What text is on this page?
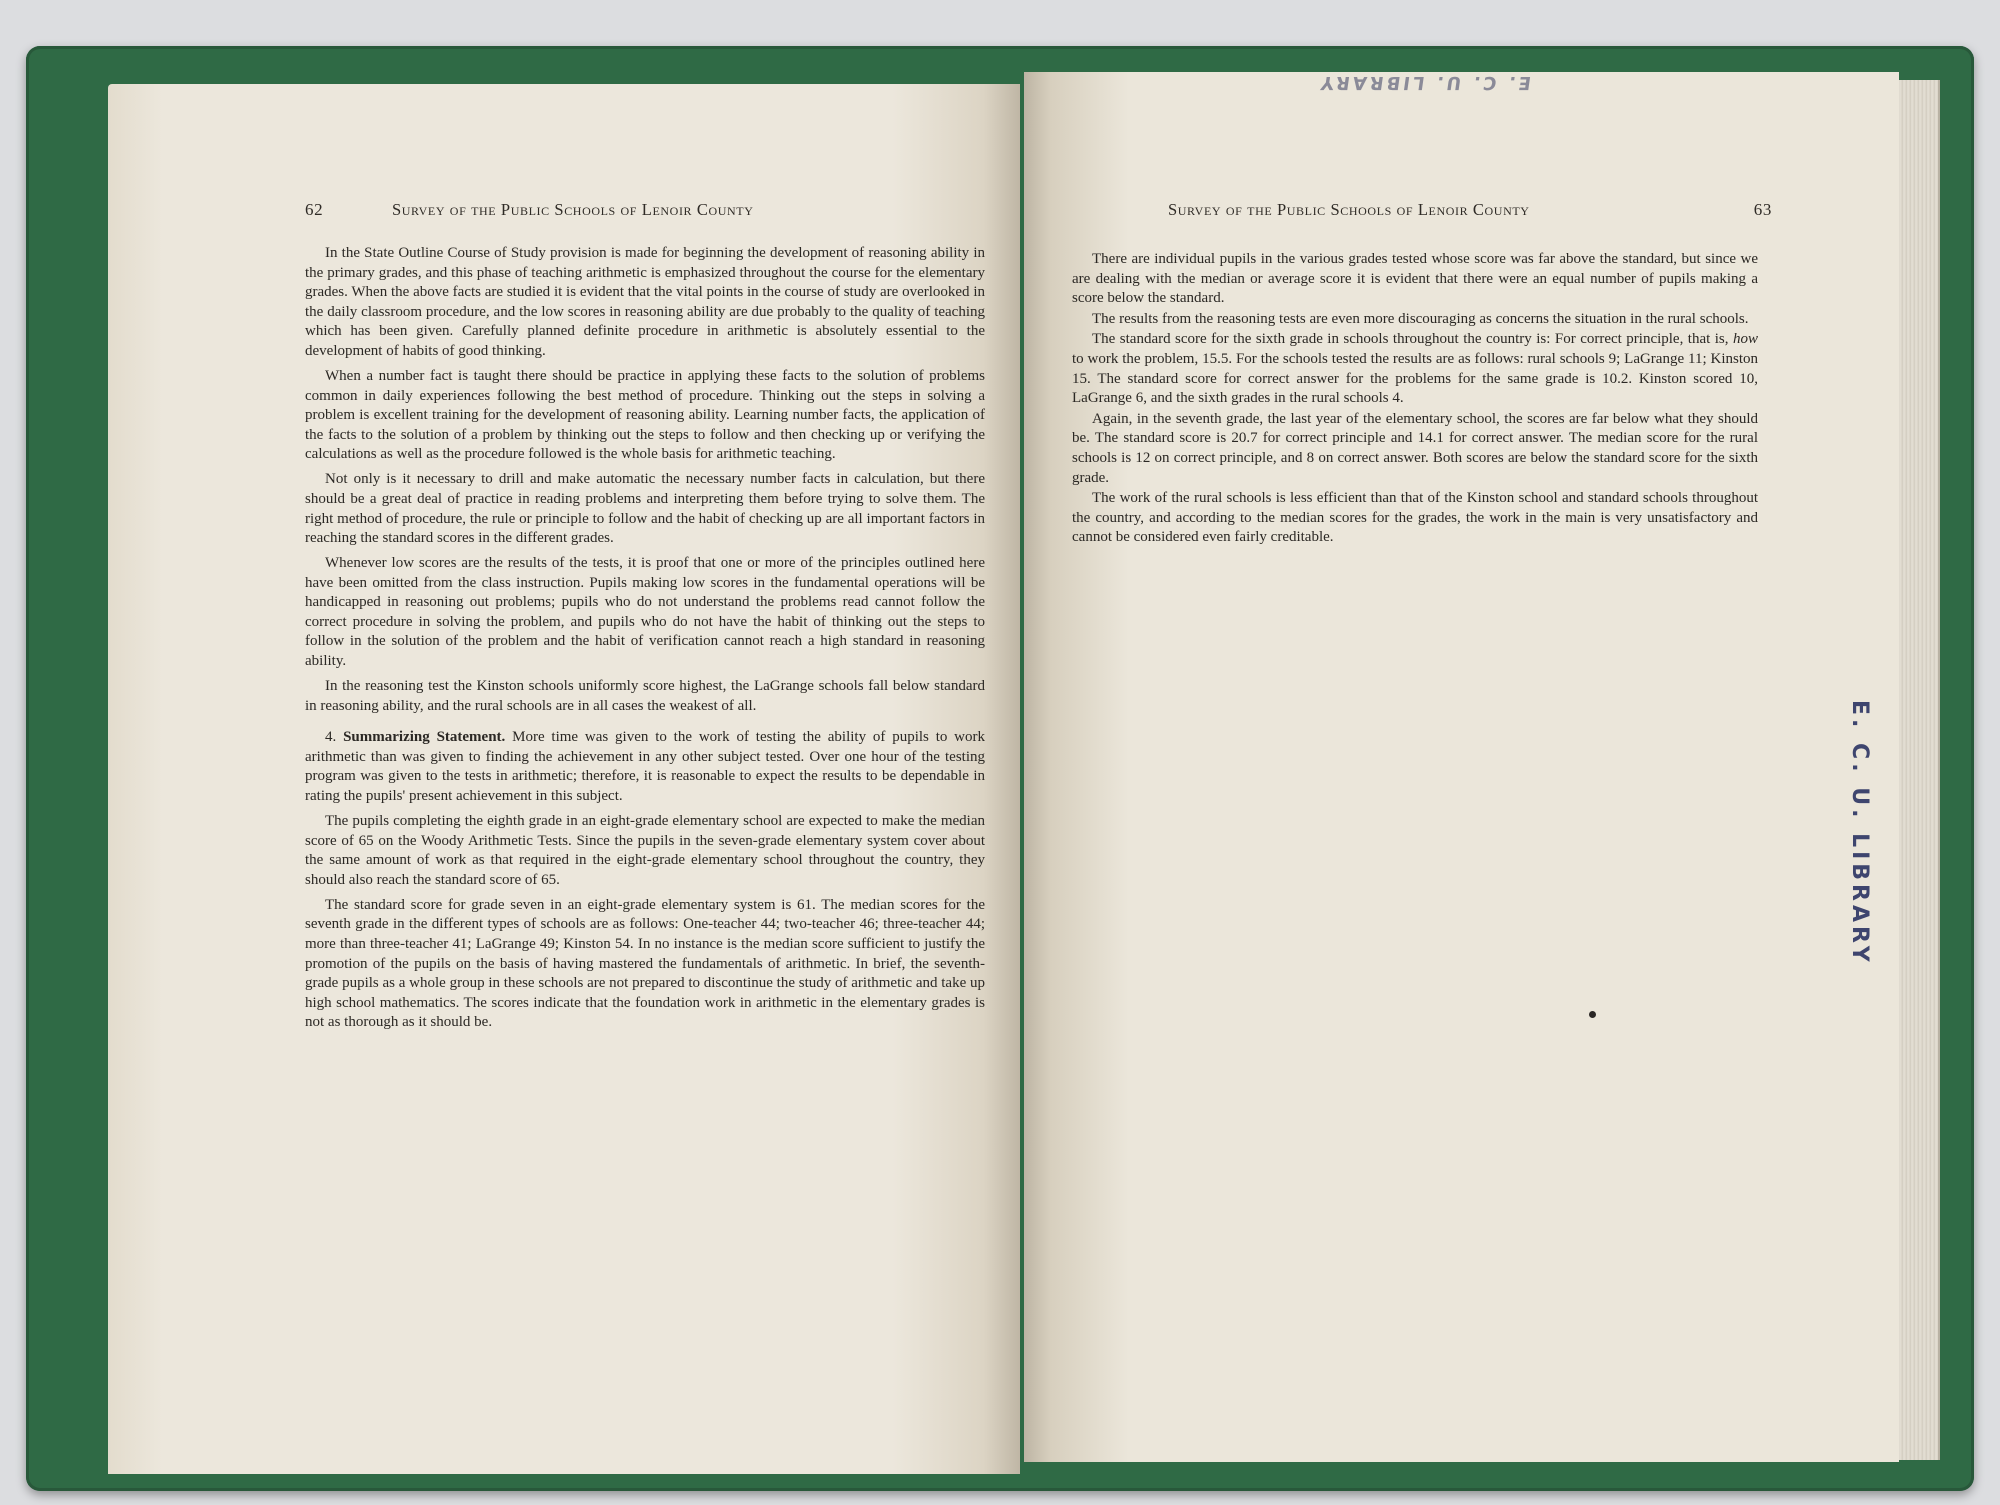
E. C. U. LIBRARY
E. C. U. LIBRARY
62	Survey of the Public Schools of Lenoir County

In the State Outline Course of Study provision is made for beginning the development of reasoning ability in the primary grades, and this phase of teaching arithmetic is emphasized throughout the course for the elementary grades. When the above facts are studied it is evident that the vital points in the course of study are overlooked in the daily classroom procedure, and the low scores in reasoning ability are due probably to the quality of teaching which has been given. Carefully planned definite procedure in arithmetic is absolutely essential to the development of habits of good thinking.

When a number fact is taught there should be practice in applying these facts to the solution of problems common in daily experiences following the best method of procedure. Thinking out the steps in solving a problem is excellent training for the development of reasoning ability. Learning number facts, the application of the facts to the solution of a problem by thinking out the steps to follow and then checking up or verifying the calculations as well as the procedure followed is the whole basis for arithmetic teaching.

Not only is it necessary to drill and make automatic the necessary number facts in calculation, but there should be a great deal of practice in reading problems and interpreting them before trying to solve them. The right method of procedure, the rule or principle to follow and the habit of checking up are all important factors in reaching the standard scores in the different grades.

Whenever low scores are the results of the tests, it is proof that one or more of the principles outlined here have been omitted from the class instruction. Pupils making low scores in the fundamental operations will be handicapped in reasoning out problems; pupils who do not understand the problems read cannot follow the correct procedure in solving the problem, and pupils who do not have the habit of thinking out the steps to follow in the solution of the problem and the habit of verification cannot reach a high standard in reasoning ability.

In the reasoning test the Kinston schools uniformly score highest, the LaGrange schools fall below standard in reasoning ability, and the rural schools are in all cases the weakest of all.

4. Summarizing Statement. More time was given to the work of testing the ability of pupils to work arithmetic than was given to finding the achievement in any other subject tested. Over one hour of the testing program was given to the tests in arithmetic; therefore, it is reasonable to expect the results to be dependable in rating the pupils' present achievement in this subject.

The pupils completing the eighth grade in an eight-grade elementary school are expected to make the median score of 65 on the Woody Arithmetic Tests. Since the pupils in the seven-grade elementary system cover about the same amount of work as that required in the eight-grade elementary school throughout the country, they should also reach the standard score of 65.

The standard score for grade seven in an eight-grade elementary system is 61. The median scores for the seventh grade in the different types of schools are as follows: One-teacher 44; two-teacher 46; three-teacher 44; more than three-teacher 41; LaGrange 49; Kinston 54. In no instance is the median score sufficient to justify the promotion of the pupils on the basis of having mastered the fundamentals of arithmetic. In brief, the seventh-grade pupils as a whole group in these schools are not prepared to discontinue the study of arithmetic and take up high school mathematics. The scores indicate that the foundation work in arithmetic in the elementary grades is not as thorough as it should be.

Survey of the Public Schools of Lenoir County	63

There are individual pupils in the various grades tested whose score was far above the standard, but since we are dealing with the median or average score it is evident that there were an equal number of pupils making a score below the standard.

The results from the reasoning tests are even more discouraging as concerns the situation in the rural schools.

The standard score for the sixth grade in schools throughout the country is: For correct principle, that is, how to work the problem, 15.5. For the schools tested the results are as follows: rural schools 9; LaGrange 11; Kinston 15. The standard score for correct answer for the problems for the same grade is 10.2. Kinston scored 10, LaGrange 6, and the sixth grades in the rural schools 4.

Again, in the seventh grade, the last year of the elementary school, the scores are far below what they should be. The standard score is 20.7 for correct principle and 14.1 for correct answer. The median score for the rural schools is 12 on correct principle, and 8 on correct answer. Both scores are below the standard score for the sixth grade.

The work of the rural schools is less efficient than that of the Kinston school and standard schools throughout the country, and according to the median scores for the grades, the work in the main is very unsatisfactory and cannot be considered even fairly creditable.
